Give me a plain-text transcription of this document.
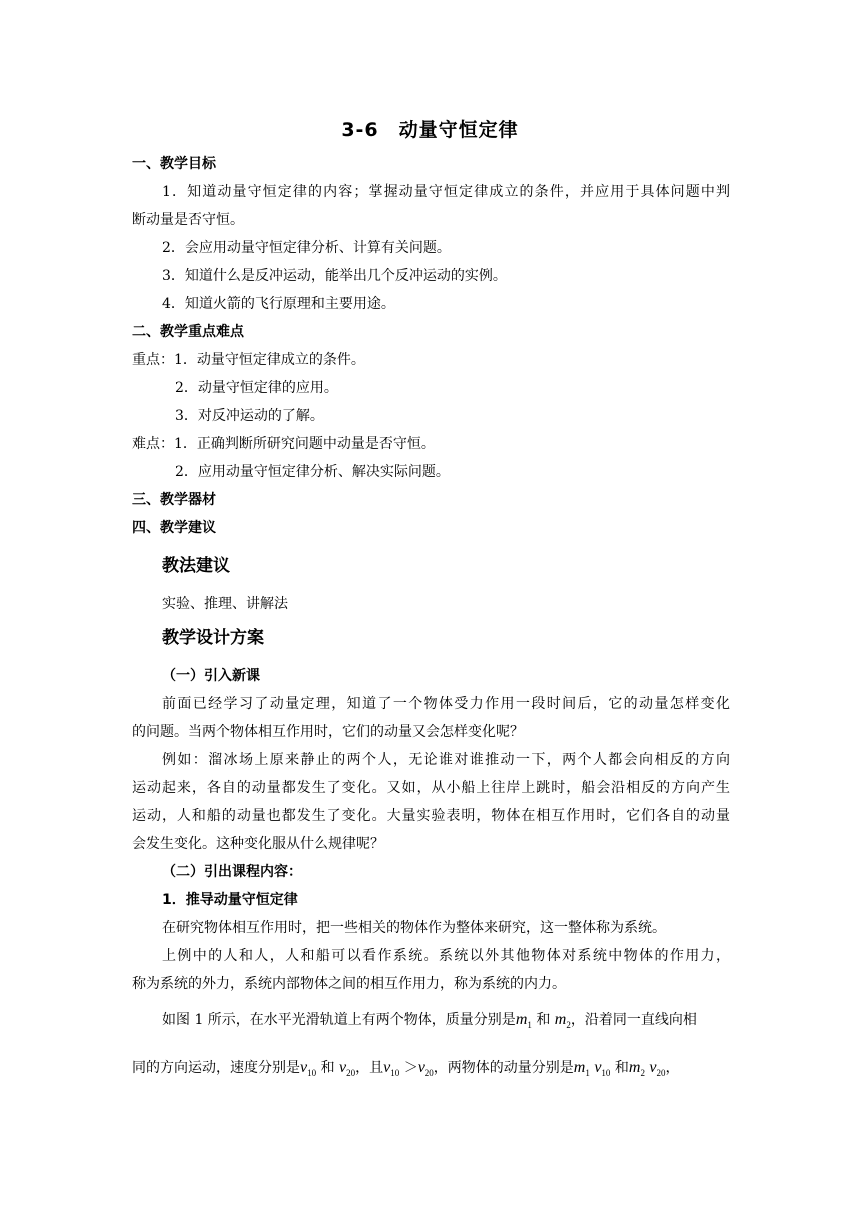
3-6　动量守恒定律
一、教学目标
1．知道动量守恒定律的内容；掌握动量守恒定律成立的条件，并应用于具体问题中判
断动量是否守恒。
2．会应用动量守恒定律分析、计算有关问题。
3．知道什么是反冲运动，能举出几个反冲运动的实例。
4．知道火箭的飞行原理和主要用途。
二、教学重点难点
重点：1．动量守恒定律成立的条件。
2．动量守恒定律的应用。
3．对反冲运动的了解。
难点：1．正确判断所研究问题中动量是否守恒。
2．应用动量守恒定律分析、解决实际问题。
三、教学器材
四、教学建议
教法建议
实验、推理、讲解法
教学设计方案
（一）引入新课
前面已经学习了动量定理，知道了一个物体受力作用一段时间后，它的动量怎样变化
的问题。当两个物体相互作用时，它们的动量又会怎样变化呢？
例如：溜冰场上原来静止的两个人，无论谁对谁推动一下，两个人都会向相反的方向
运动起来，各自的动量都发生了变化。又如，从小船上往岸上跳时，船会沿相反的方向产生
运动，人和船的动量也都发生了变化。大量实验表明，物体在相互作用时，它们各自的动量
会发生变化。这种变化服从什么规律呢？
（二）引出课程内容：
1．推导动量守恒定律
在研究物体相互作用时，把一些相关的物体作为整体来研究，这一整体称为系统。
上例中的人和人，人和船可以看作系统。系统以外其他物体对系统中物体的作用力，
称为系统的外力，系统内部物体之间的相互作用力，称为系统的内力。
如图 1 所示，在水平光滑轨道上有两个物体，质量分别是$m_1$ 和 $m_2$，沿着同一直线向相
同的方向运动，速度分别是$v_{10}$ 和 $v_{20}$，且$v_{10} >v_{20}$，两物体的动量分别是$m_1$ $v_{10}$ 和$m_2$ $v_{20}$，
